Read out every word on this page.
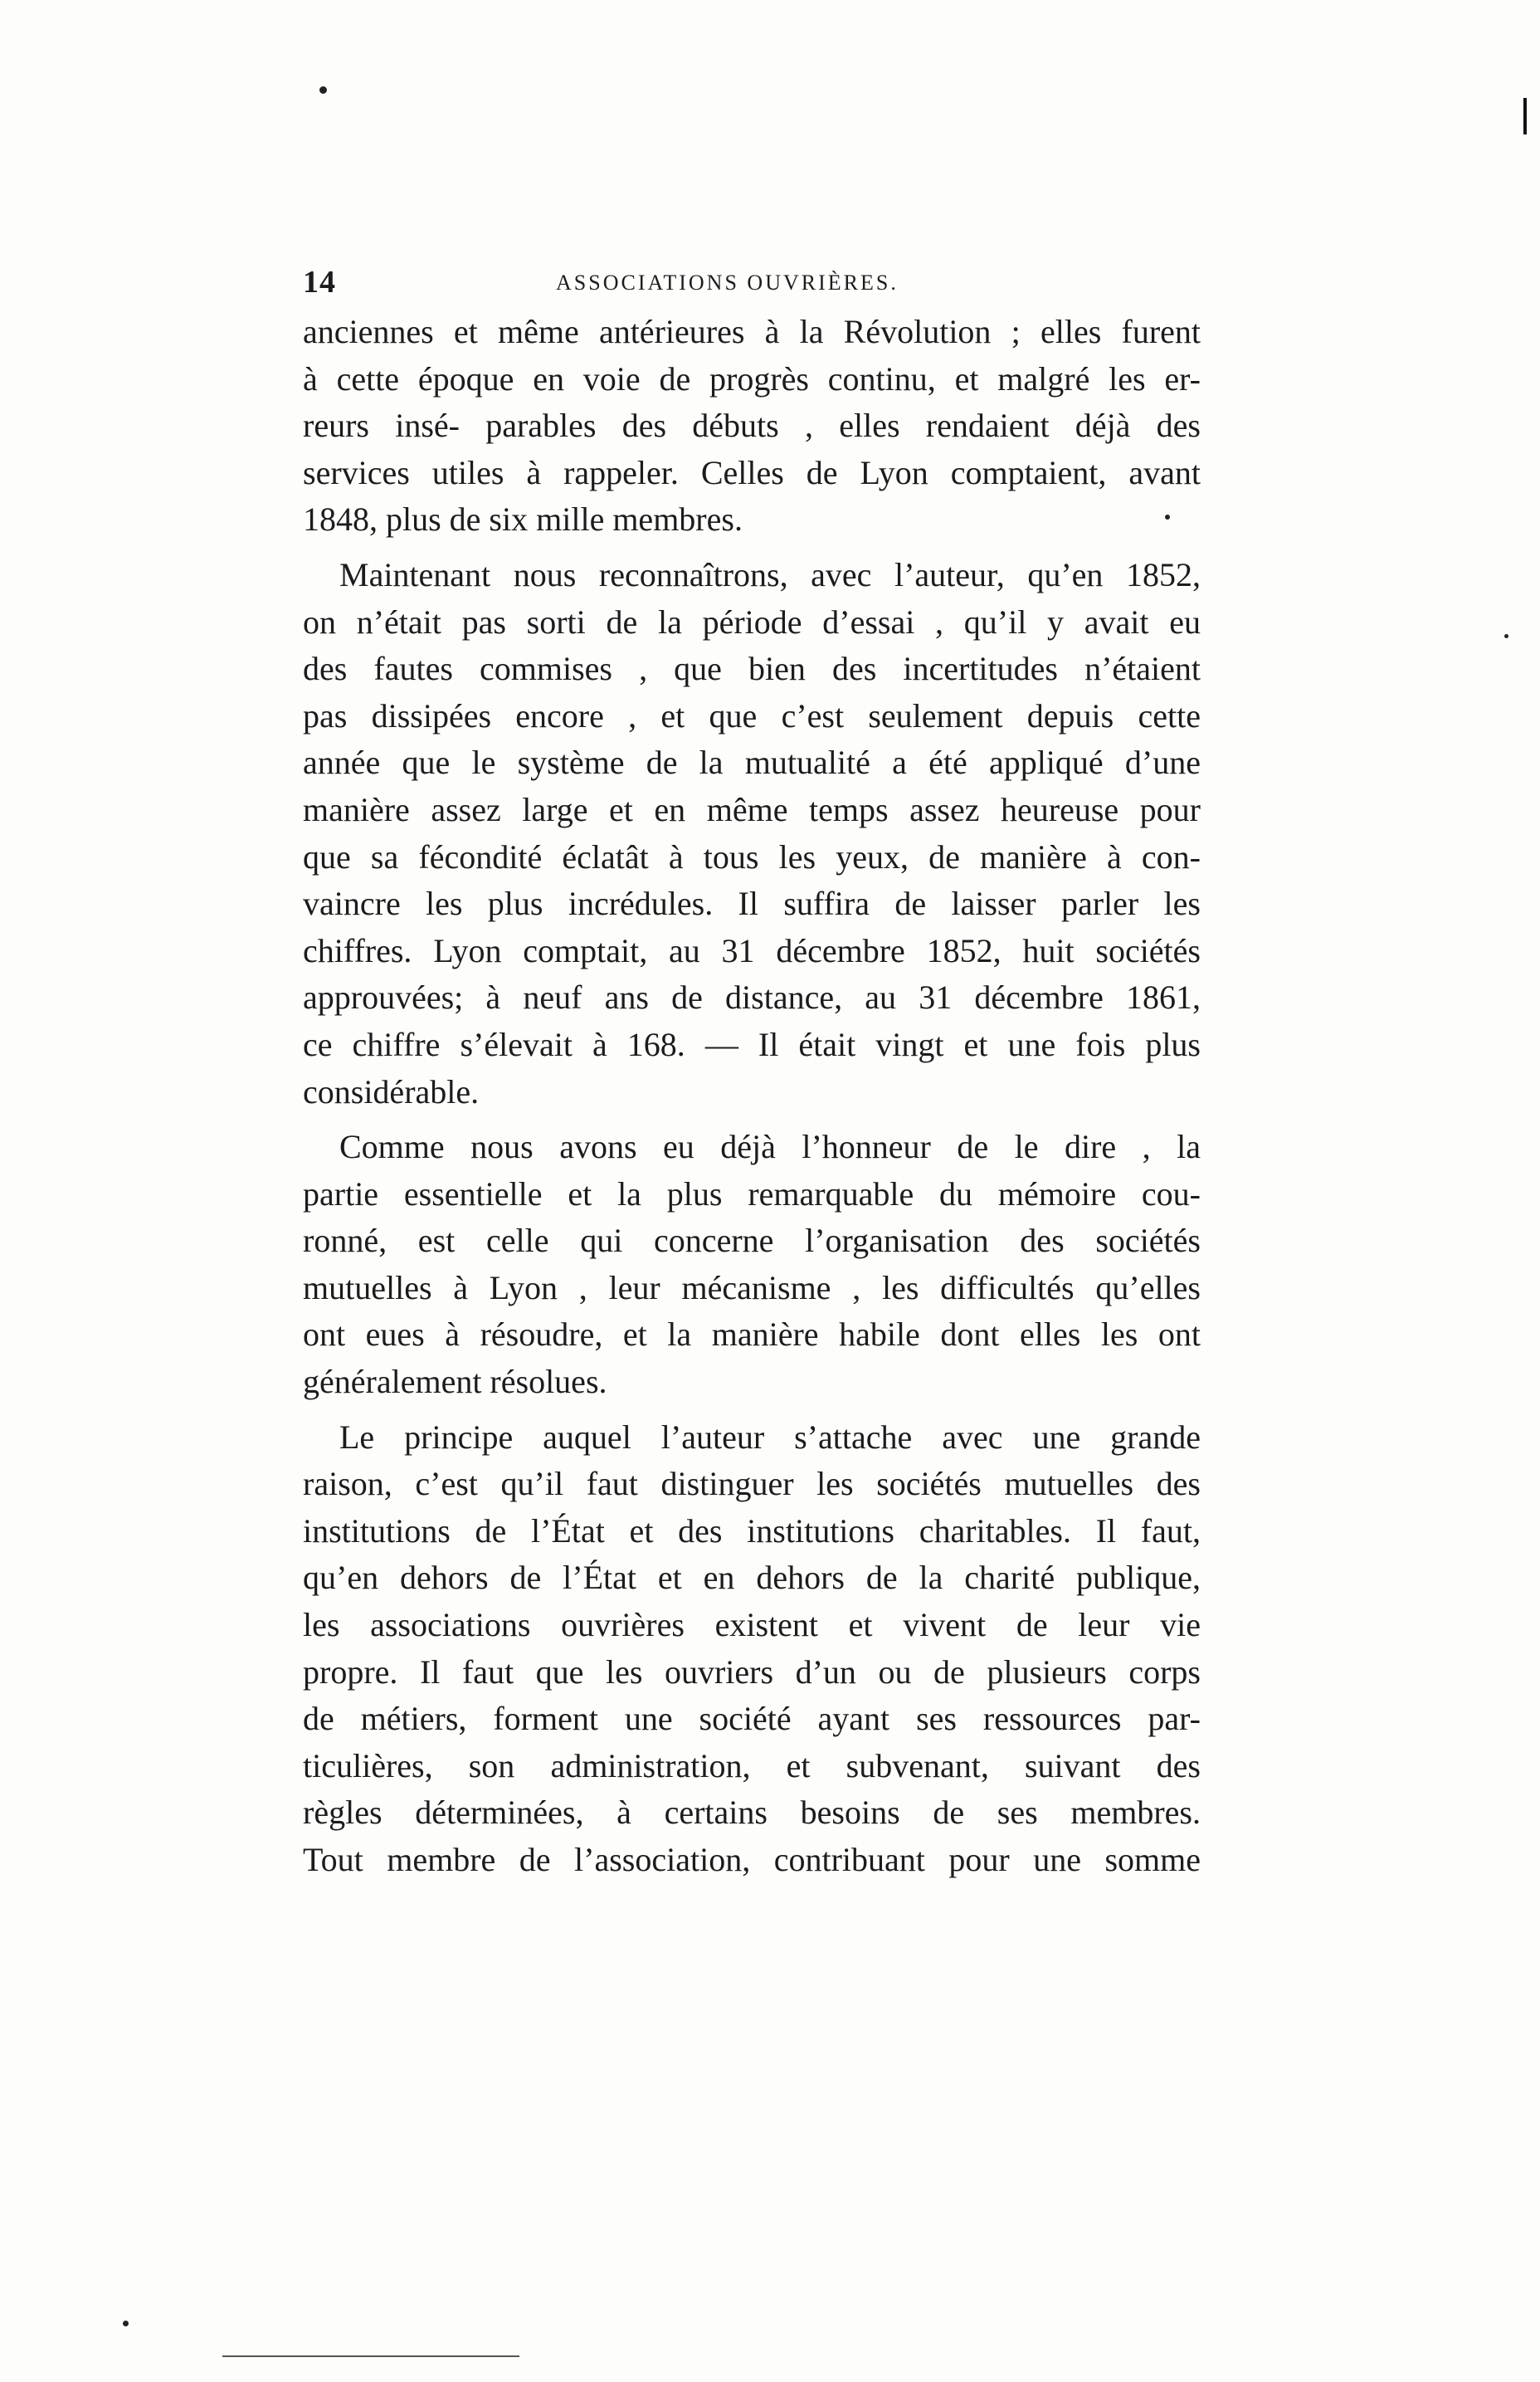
14	ASSOCIATIONS OUVRIÈRES.

anciennes et même antérieures à la Révolution ; elles furent
à cette époque en voie de progrès continu, et malgré les er-
reurs insé- parables des débuts , elles rendaient déjà des
services utiles à rappeler. Celles de Lyon comptaient, avant
1848, plus de six mille membres.

Maintenant nous reconnaîtrons, avec l’auteur, qu’en 1852,
on n’était pas sorti de la période d’essai , qu’il y avait eu
des fautes commises , que bien des incertitudes n’étaient
pas dissipées encore , et que c’est seulement depuis cette
année que le système de la mutualité a été appliqué d’une
manière assez large et en même temps assez heureuse pour
que sa fécondité éclatât à tous les yeux, de manière à con-
vaincre les plus incrédules. Il suffira de laisser parler les
chiffres. Lyon comptait, au 31 décembre 1852, huit sociétés
approuvées; à neuf ans de distance, au 31 décembre 1861,
ce chiffre s’élevait à 168. — Il était vingt et une fois plus
considérable.

Comme nous avons eu déjà l’honneur de le dire , la
partie essentielle et la plus remarquable du mémoire cou-
ronné, est celle qui concerne l’organisation des sociétés
mutuelles à Lyon , leur mécanisme , les difficultés qu’elles
ont eues à résoudre, et la manière habile dont elles les ont
généralement résolues.

Le principe auquel l’auteur s’attache avec une grande
raison, c’est qu’il faut distinguer les sociétés mutuelles des
institutions de l’État et des institutions charitables. Il faut,
qu’en dehors de l’État et en dehors de la charité publique,
les associations ouvrières existent et vivent de leur vie
propre. Il faut que les ouvriers d’un ou de plusieurs corps
de métiers, forment une société ayant ses ressources par-
ticulières, son administration, et subvenant, suivant des
règles déterminées, à certains besoins de ses membres.
Tout membre de l’association, contribuant pour une somme
